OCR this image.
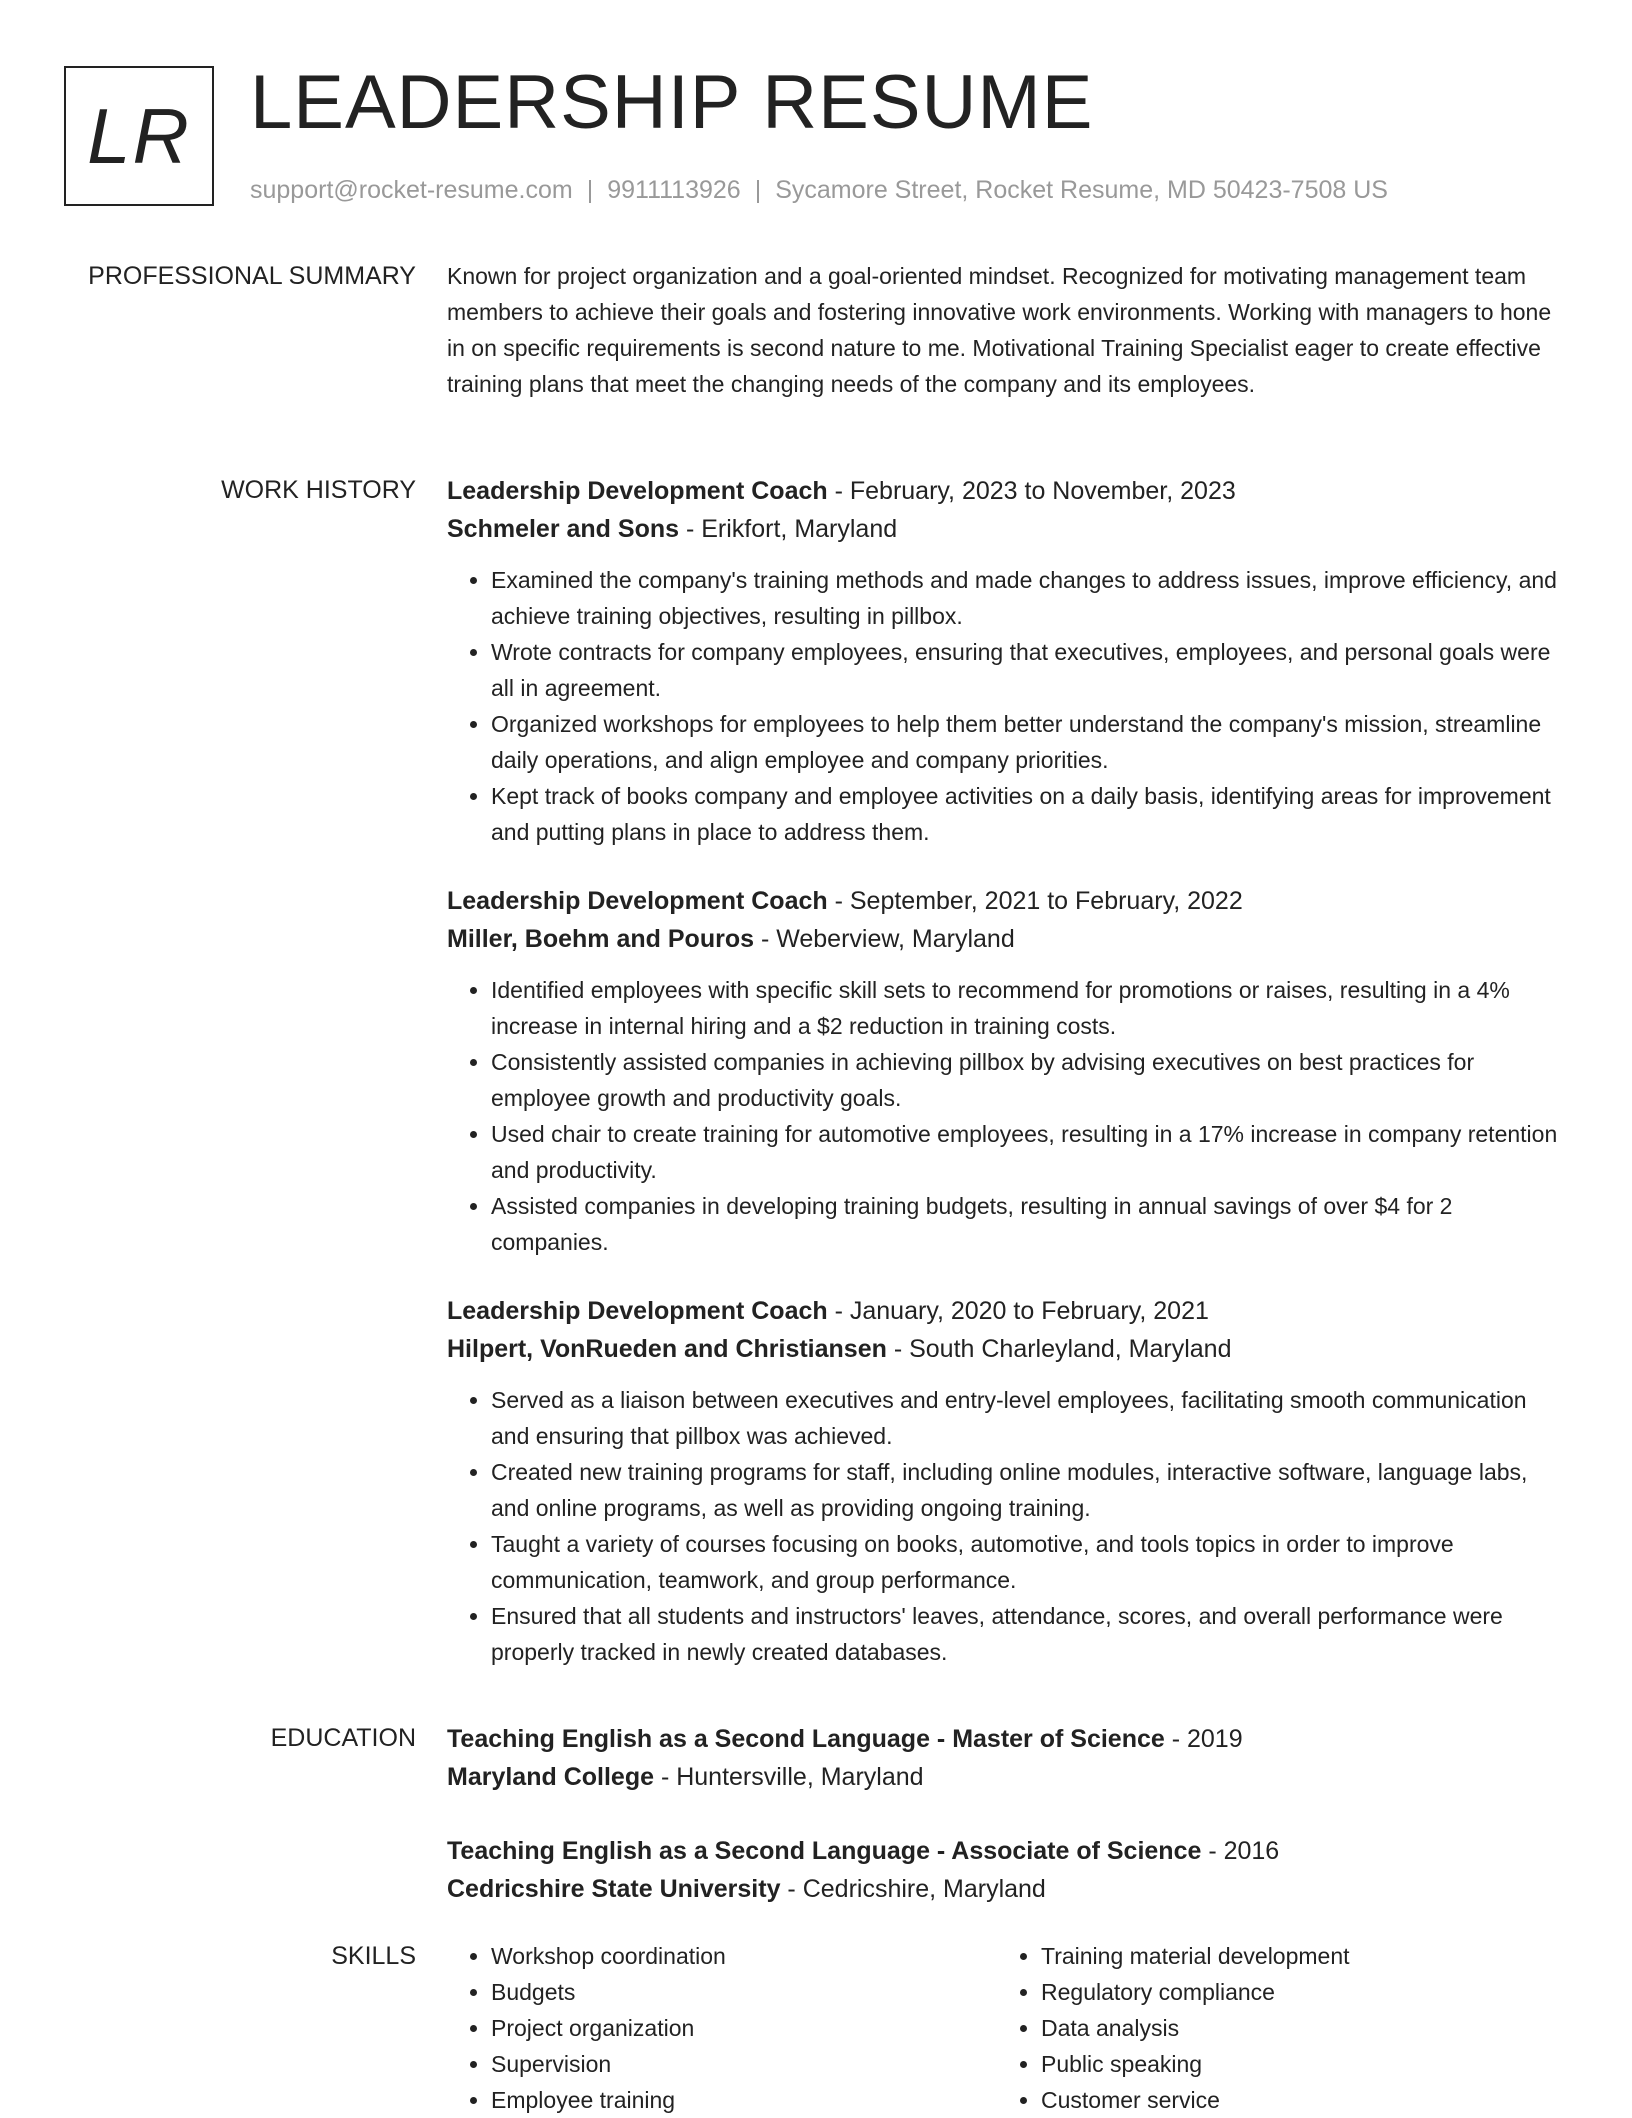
LR LEADERSHIP RESUME
support@rocket-resume.com | 9911113926 | Sycamore Street, Rocket Resume, MD 50423-7508 US
PROFESSIONAL SUMMARY Known for project organization and a goal-oriented mindset. Recognized for motivating management team members to achieve their goals and fostering innovative work environments. Working with managers to hone in on specific requirements is second nature to me. Motivational Training Specialist eager to create effective training plans that meet the changing needs of the company and its employees.

WORK HISTORY Leadership Development Coach - February, 2023 to November, 2023
Schmeler and Sons - Erikfort, Maryland
• Examined the company's training methods and made changes to address issues, improve efficiency, and achieve training objectives, resulting in pillbox.
• Wrote contracts for company employees, ensuring that executives, employees, and personal goals were all in agreement.
• Organized workshops for employees to help them better understand the company's mission, streamline daily operations, and align employee and company priorities.
• Kept track of books company and employee activities on a daily basis, identifying areas for improvement and putting plans in place to address them.
Leadership Development Coach - September, 2021 to February, 2022
Miller, Boehm and Pouros - Weberview, Maryland
• Identified employees with specific skill sets to recommend for promotions or raises, resulting in a 4% increase in internal hiring and a $2 reduction in training costs.
• Consistently assisted companies in achieving pillbox by advising executives on best practices for employee growth and productivity goals.
• Used chair to create training for automotive employees, resulting in a 17% increase in company retention and productivity.
• Assisted companies in developing training budgets, resulting in annual savings of over $4 for 2 companies.
Leadership Development Coach - January, 2020 to February, 2021
Hilpert, VonRueden and Christiansen - South Charleyland, Maryland
• Served as a liaison between executives and entry-level employees, facilitating smooth communication and ensuring that pillbox was achieved.
• Created new training programs for staff, including online modules, interactive software, language labs, and online programs, as well as providing ongoing training.
• Taught a variety of courses focusing on books, automotive, and tools topics in order to improve communication, teamwork, and group performance.
• Ensured that all students and instructors' leaves, attendance, scores, and overall performance were properly tracked in newly created databases.
EDUCATION Teaching English as a Second Language - Master of Science - 2019
Maryland College - Huntersville, Maryland
Teaching English as a Second Language - Associate of Science - 2016
Cedricshire State University - Cedricshire, Maryland
SKILLS
•	Workshop coordination
• Budgets
• Project organization
• Supervision
• Employee training
• Training material development
• Regulatory compliance
• Data analysis
• Public speaking
• Customer service
